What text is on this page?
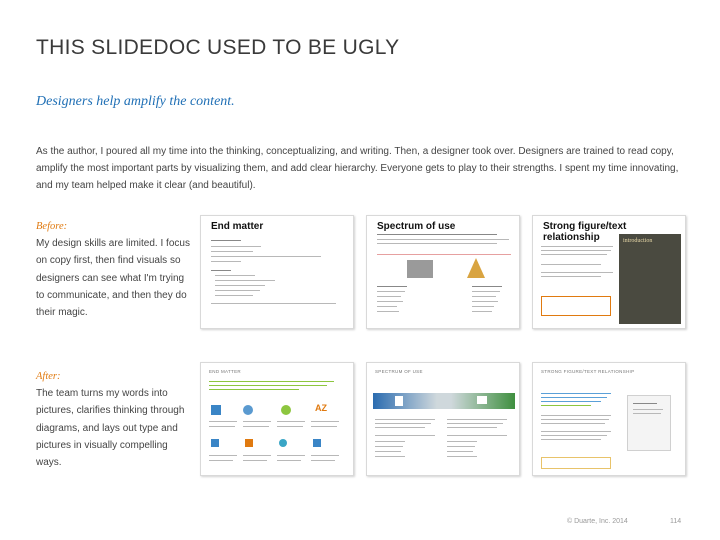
THIS SLIDEDOC USED TO BE UGLY
Designers help amplify the content.
As the author, I poured all my time into the thinking, conceptualizing, and writing. Then, a designer took over. Designers are trained to read copy, amplify the most important parts by visualizing them, and add clear hierarchy. Everyone gets to play to their strengths. I spent my time innovating, and my team helped make it clear (and beautiful).
Before:
My design skills are limited. I focus on copy first, then find visuals so designers can see what I'm trying to communicate, and then they do their magic.
After:
The team turns my words into pictures, clarifies thinking through diagrams, and lays out type and pictures in visually compelling ways.
End matter	Spectrum of use	Strong figure/text relationship	introduction
END MATTER
AZ
SPECTRUM OF USE	STRONG FIGURE/TEXT RELATIONSHIP
© Duarte, Inc. 2014	114
